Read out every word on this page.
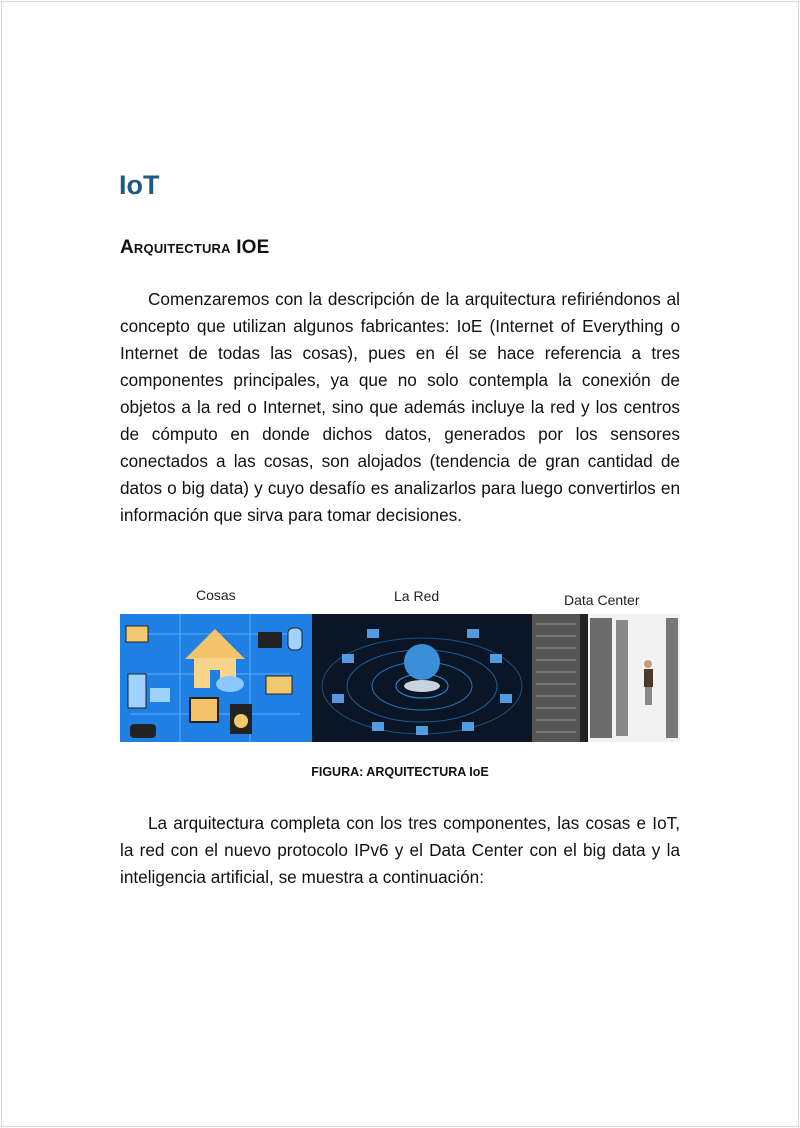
IoT
Arquitectura IOE

Comenzaremos con la descripción de la arquitectura refiriéndonos al concepto que utilizan algunos fabricantes: IoE (Internet of Everything o Internet de todas las cosas), pues en él se hace referencia a tres componentes principales, ya que no solo contempla la conexión de objetos a la red o Internet, sino que además incluye la red y los centros de cómputo en donde dichos datos, generados por los sensores conectados a las cosas, son alojados (tendencia de gran cantidad de datos o big data) y cuyo desafío es analizarlos para luego convertirlos en información que sirva para tomar decisiones.

Cosas	La Red	Data Center
FIGURA: ARQUITECTURA IoE

La arquitectura completa con los tres componentes, las cosas e IoT, la red con el nuevo protocolo IPv6 y el Data Center con el big data y la inteligencia artificial, se muestra a continuación:
